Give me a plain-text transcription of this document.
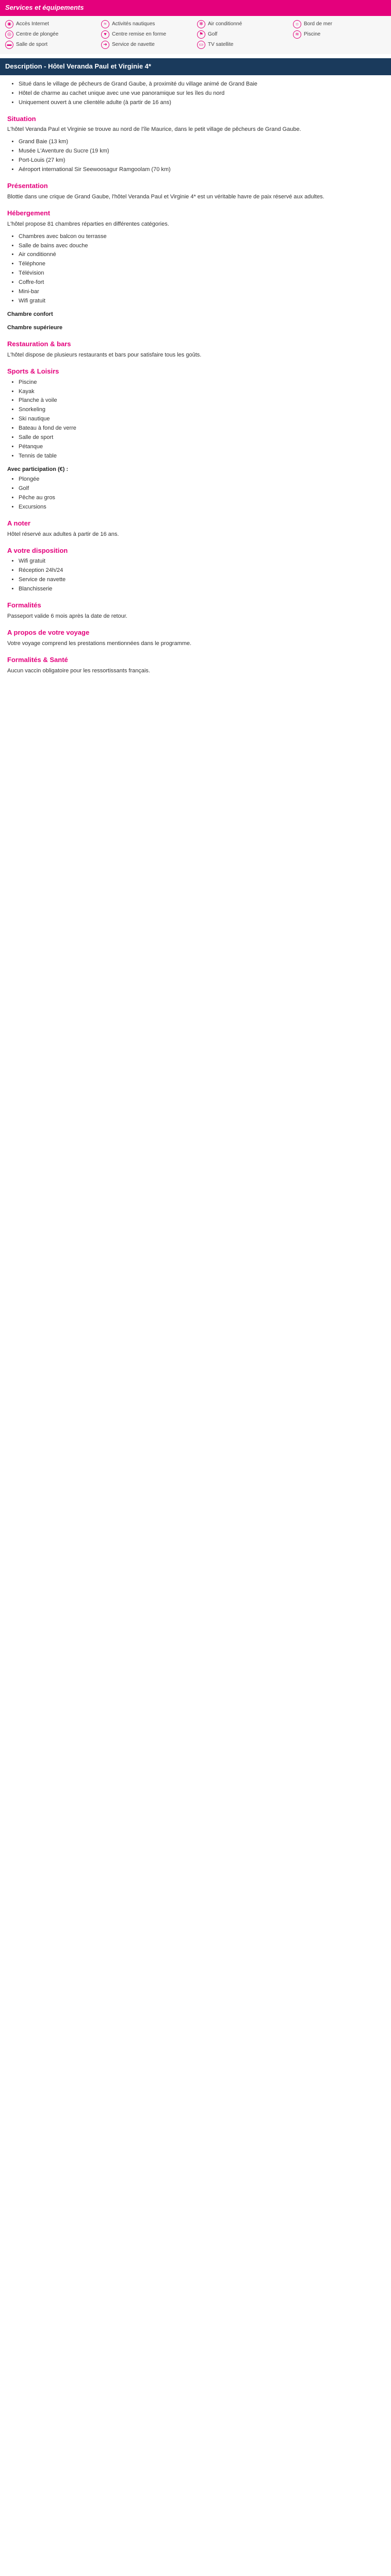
Services et équipements
◉ Accès Internet	≈	Activités nautiques	✻ Air conditionné	☼ Bord de mer
◎ Centre de plongée	♥	Centre remise en forme	⚑ Golf	≋ Piscine
▬ Salle de sport	➜ Service de navette	▭ TV satellite
Description - Hôtel Veranda Paul et Virginie 4*
• Situé dans le village de pêcheurs de Grand Gaube, à proximité du village animé de Grand Baie
• Hôtel de charme au cachet unique avec une vue panoramique sur les îles du nord
• Uniquement ouvert à une clientèle adulte (à partir de 16 ans)
Situation

L'hôtel Veranda Paul et Virginie se trouve au nord de l'île Maurice, dans le petit village de pêcheurs de Grand Gaube.

• Grand Baie (13 km)
• Musée L'Aventure du Sucre (19 km)
• Port-Louis (27 km)
• Aéroport international Sir Seewoosagur Ramgoolam (70 km)
Présentation

Blottie dans une crique de Grand Gaube, l'hôtel Veranda Paul et Virginie 4* est un véritable havre de paix réservé aux adultes.

Hébergement

L'hôtel propose 81 chambres réparties en différentes catégories.

• Chambres avec balcon ou terrasse
• Salle de bains avec douche
• Air conditionné
• Téléphone
• Télévision
• Coffre-fort
• Mini-bar
• Wifi gratuit
Chambre confort
Chambre supérieure
Restauration & bars

L'hôtel dispose de plusieurs restaurants et bars pour satisfaire tous les goûts.

Sports & Loisirs
• Piscine
• Kayak
• Planche à voile
• Snorkeling
• Ski nautique
• Bateau à fond de verre
• Salle de sport
• Pétanque
• Tennis de table
Avec participation (€) :
• Plongée
• Golf
• Pêche au gros
• Excursions
A noter

Hôtel réservé aux adultes à partir de 16 ans.

A votre disposition
• Wifi gratuit
• Réception 24h/24
• Service de navette
• Blanchisserie
Formalités

Passeport valide 6 mois après la date de retour.

A propos de votre voyage

Votre voyage comprend les prestations mentionnées dans le programme.

Formalités & Santé

Aucun vaccin obligatoire pour les ressortissants français.
